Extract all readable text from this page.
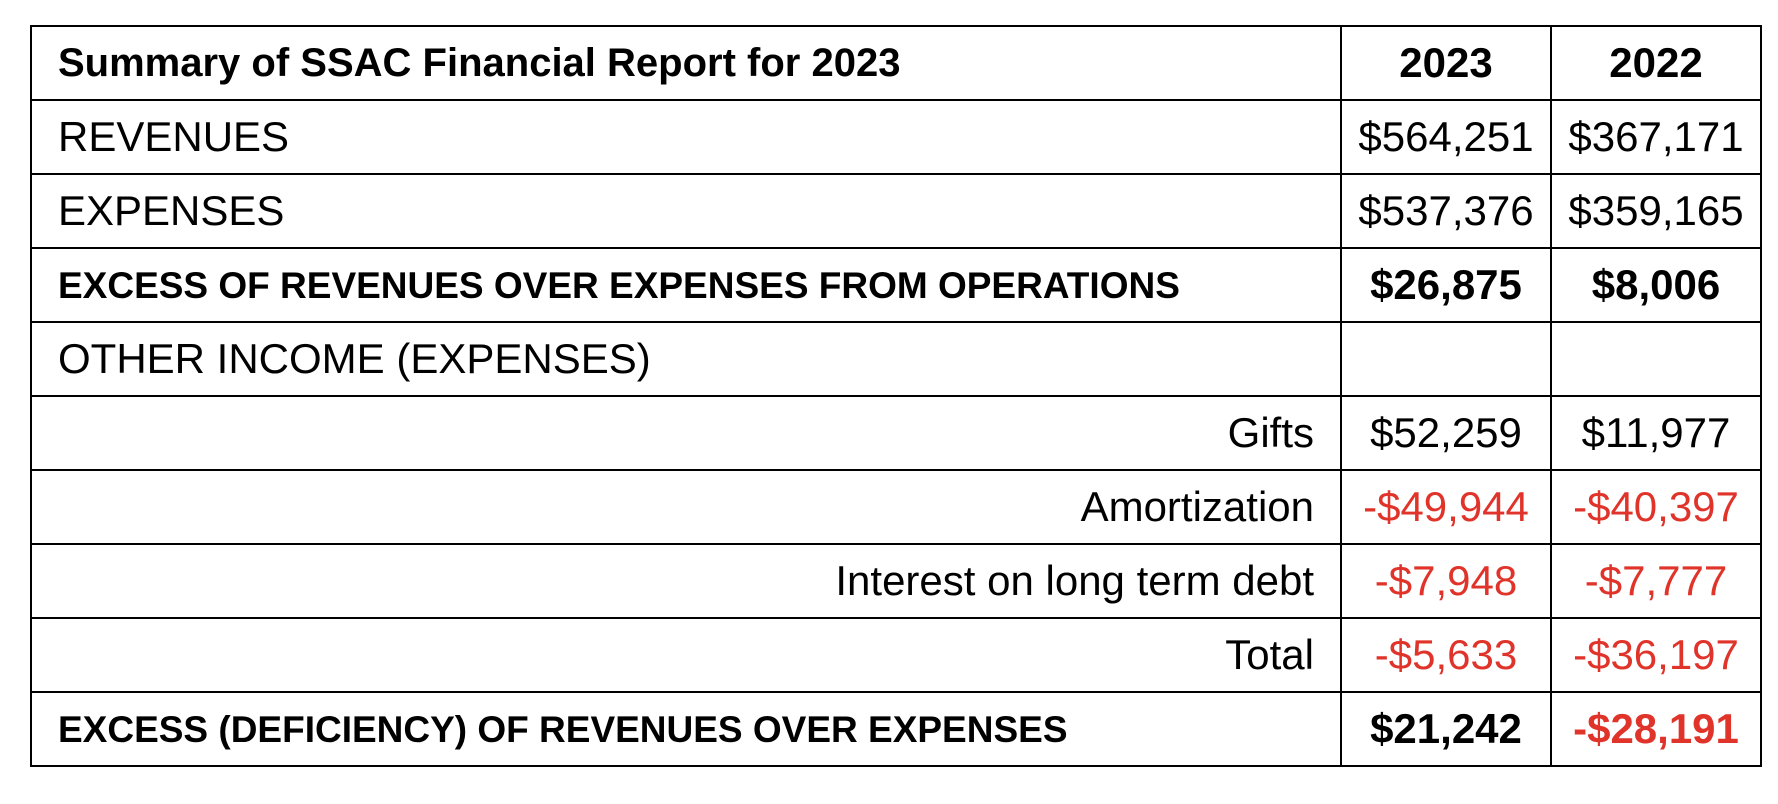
Summary of SSAC Financial Report for 2023	2023	2022
REVENUES	$564,251	$367,171
EXPENSES	$537,376	$359,165
EXCESS OF REVENUES OVER EXPENSES FROM OPERATIONS	$26,875	$8,006
OTHER INCOME (EXPENSES)		
Gifts	$52,259	$11,977
Amortization	-$49,944	-$40,397
Interest on long term debt	-$7,948	-$7,777
Total	-$5,633	-$36,197
EXCESS (DEFICIENCY) OF REVENUES OVER EXPENSES	$21,242	-$28,191
